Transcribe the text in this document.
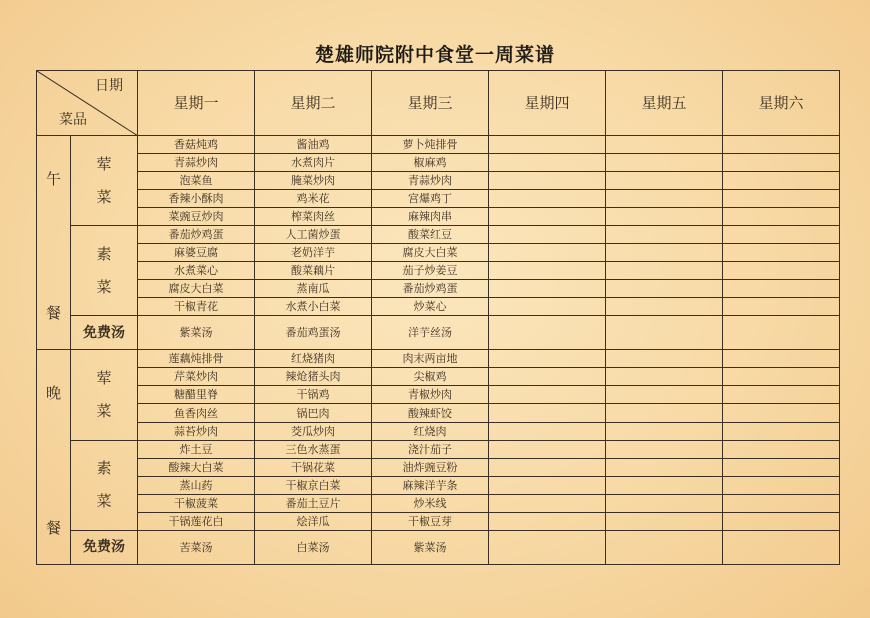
楚雄师院附中食堂一周菜谱
日期
菜品		星期一	星期二	星期三	星期四	星期五	星期六

午
餐	荤
菜	香菇炖鸡	酱油鸡	萝卜炖排骨			
		青蒜炒肉	水煮肉片	椒麻鸡			
		泡菜鱼	腌菜炒肉	青蒜炒肉			
		香辣小酥肉	鸡米花	宫爆鸡丁			
		菜豌豆炒肉	榨菜肉丝	麻辣肉串			

	素
菜	番茄炒鸡蛋	人工菌炒蛋	酸菜红豆			
		麻婆豆腐	老奶洋芋	腐皮大白菜			
		水煮菜心	酸菜藕片	茄子炒姜豆			
		腐皮大白菜	蒸南瓜	番茄炒鸡蛋			
		干椒青花	水煮小白菜	炒菜心			
	免费汤	紫菜汤	番茄鸡蛋汤	洋芋丝汤			

晚
餐	荤
菜	莲藕炖排骨	红烧猪肉	肉末两亩地			
		芹菜炒肉	辣炝猪头肉	尖椒鸡			
		糖醋里脊	干锅鸡	青椒炒肉			
		鱼香肉丝	锅巴肉	酸辣虾饺			
		蒜苔炒肉	茭瓜炒肉	红烧肉			

	素
菜	炸土豆	三色水蒸蛋	浇汁茄子			
		酸辣大白菜	干锅花菜	油炸豌豆粉			
		蒸山药	干椒京白菜	麻辣洋芋条			
		干椒菠菜	番茄土豆片	炒米线			
		干锅莲花白	烩洋瓜	干椒豆芽			
	免费汤	苦菜汤	白菜汤	紫菜汤			
